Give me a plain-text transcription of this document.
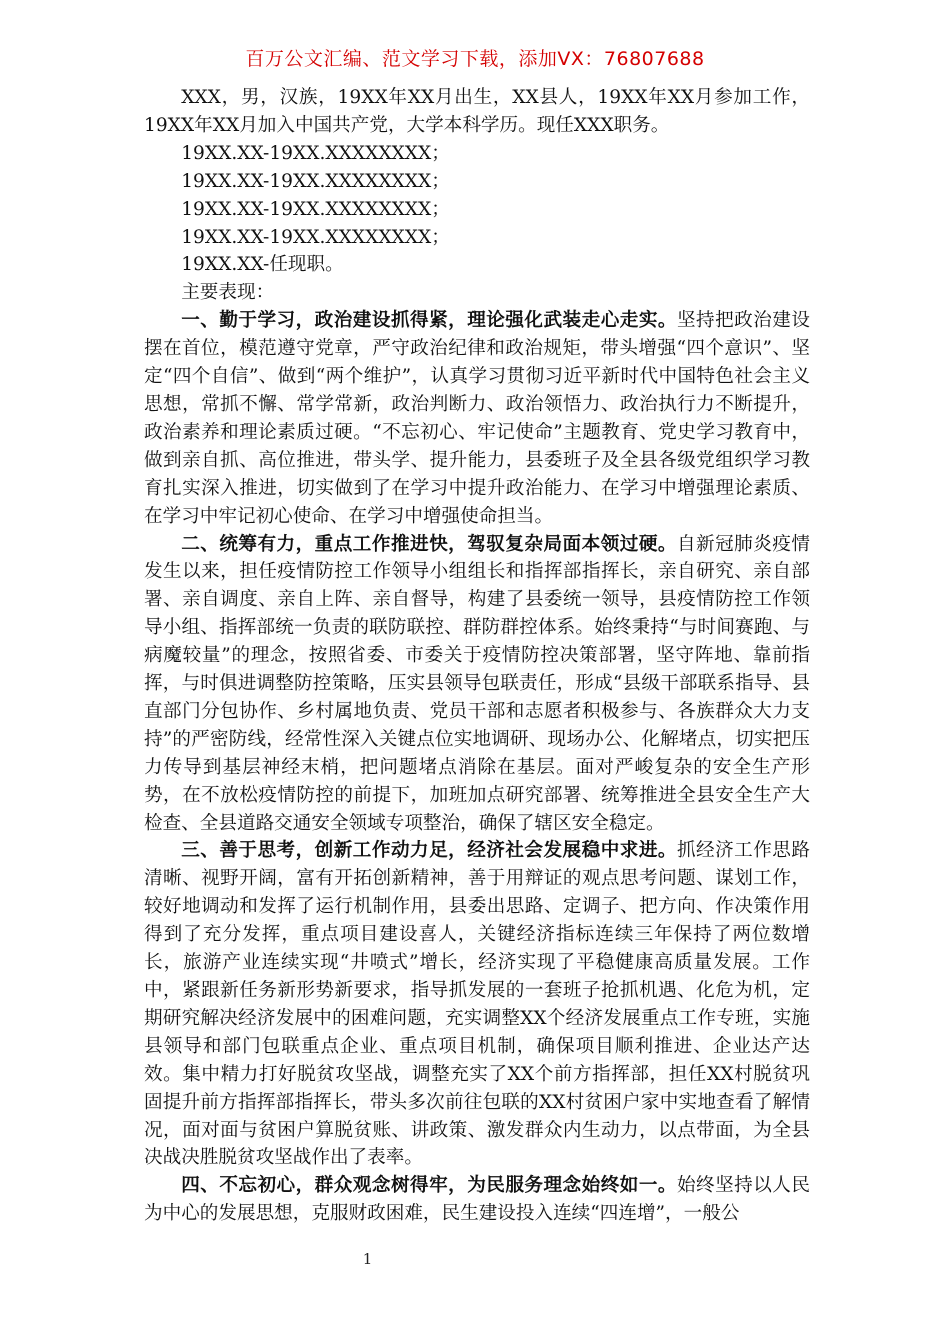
百万公文汇编、范文学习下载，添加VX：76807688

XXX，男，汉族，19XX年XX月出生，XX县人，19XX年XX月参加工作，19XX年XX月加入中国共产党，大学本科学历。现任XXX职务。

19XX.XX-19XX.XXXXXXXX；

19XX.XX-19XX.XXXXXXXX；

19XX.XX-19XX.XXXXXXXX；

19XX.XX-19XX.XXXXXXXX；

19XX.XX-任现职。

主要表现：

一、勤于学习，政治建设抓得紧，理论强化武装走心走实。坚持把政治建设摆在首位，模范遵守党章，严守政治纪律和政治规矩，带头增强“四个意识”、坚定“四个自信”、做到“两个维护”，认真学习贯彻习近平新时代中国特色社会主义思想，常抓不懈、常学常新，政治判断力、政治领悟力、政治执行力不断提升，政治素养和理论素质过硬。“不忘初心、牢记使命”主题教育、党史学习教育中，做到亲自抓、高位推进，带头学、提升能力，县委班子及全县各级党组织学习教育扎实深入推进，切实做到了在学习中提升政治能力、在学习中增强理论素质、在学习中牢记初心使命、在学习中增强使命担当。

二、统筹有力，重点工作推进快，驾驭复杂局面本领过硬。自新冠肺炎疫情发生以来，担任疫情防控工作领导小组组长和指挥部指挥长，亲自研究、亲自部署、亲自调度、亲自上阵、亲自督导，构建了县委统一领导，县疫情防控工作领导小组、指挥部统一负责的联防联控、群防群控体系。始终秉持“与时间赛跑、与病魔较量”的理念，按照省委、市委关于疫情防控决策部署，坚守阵地、靠前指挥，与时俱进调整防控策略，压实县领导包联责任，形成“县级干部联系指导、县直部门分包协作、乡村属地负责、党员干部和志愿者积极参与、各族群众大力支持”的严密防线，经常性深入关键点位实地调研、现场办公、化解堵点，切实把压力传导到基层神经末梢，把问题堵点消除在基层。面对严峻复杂的安全生产形势，在不放松疫情防控的前提下，加班加点研究部署、统筹推进全县安全生产大检查、全县道路交通安全领域专项整治，确保了辖区安全稳定。

三、善于思考，创新工作动力足，经济社会发展稳中求进。抓经济工作思路清晰、视野开阔，富有开拓创新精神，善于用辩证的观点思考问题、谋划工作，较好地调动和发挥了运行机制作用，县委出思路、定调子、把方向、作决策作用得到了充分发挥，重点项目建设喜人，关键经济指标连续三年保持了两位数增长，旅游产业连续实现“井喷式”增长，经济实现了平稳健康高质量发展。工作中，紧跟新任务新形势新要求，指导抓发展的一套班子抢抓机遇、化危为机，定期研究解决经济发展中的困难问题，充实调整XX个经济发展重点工作专班，实施县领导和部门包联重点企业、重点项目机制，确保项目顺利推进、企业达产达效。集中精力打好脱贫攻坚战，调整充实了XX个前方指挥部，担任XX村脱贫巩固提升前方指挥部指挥长，带头多次前往包联的XX村贫困户家中实地查看了解情况，面对面与贫困户算脱贫账、讲政策、激发群众内生动力，以点带面，为全县决战决胜脱贫攻坚战作出了表率。

四、不忘初心，群众观念树得牢，为民服务理念始终如一。始终坚持以人民为中心的发展思想，克服财政困难，民生建设投入连续“四连增”，一般公

1
